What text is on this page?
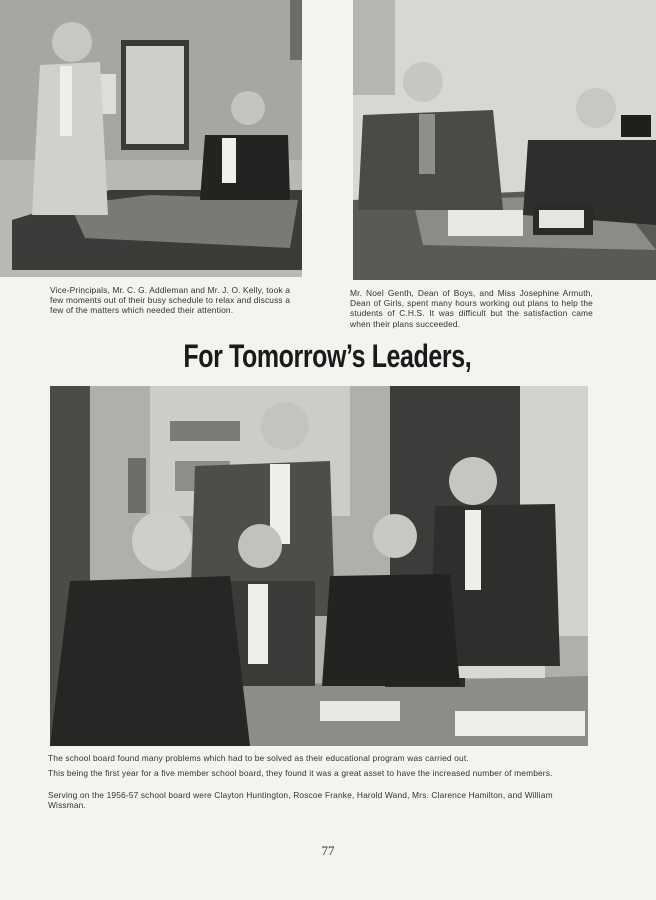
Vice-Principals, Mr. C. G. Addleman and Mr. J. O. Kelly, took a few moments out of their busy schedule to relax and discuss a few of the matters which needed their attention.

Mr. Noel Genth, Dean of Boys, and Miss Josephine Armuth, Dean of Girls, spent many hours working out plans to help the students of C.H.S. It was difficult but the satisfaction came when their plans succeeded.

For Tomorrow’s Leaders,

The school board found many problems which had to be solved as their educational program was carried out.

This being the first year for a five member school board, they found it was a great asset to have the increased number of members.

Serving on the 1956-57 school board were Clayton Huntington, Roscoe Franke, Harold Wand, Mrs. Clarence Hamilton, and William Wissman.

77
